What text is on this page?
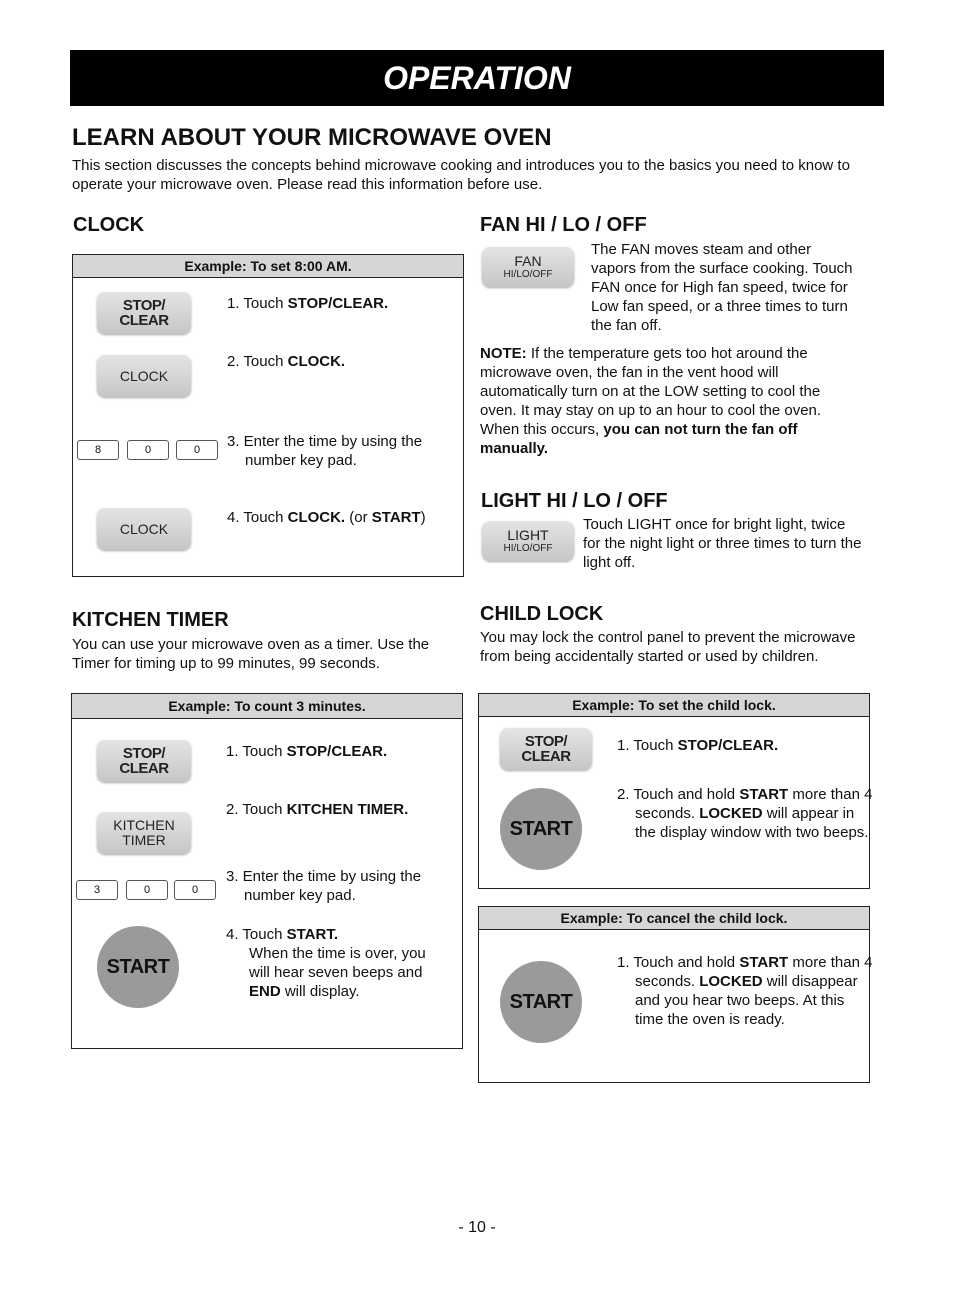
OPERATION
LEARN ABOUT YOUR MICROWAVE OVEN
This section discusses the concepts behind microwave cooking and introduces you to the basics you need to know to operate your microwave oven. Please read this information before use.
CLOCK
Example: To set 8:00 AM.
STOP/
CLEAR
1. Touch STOP/CLEAR.
CLOCK
2. Touch CLOCK.
8	0	0	3. Enter the time by using the
number key pad.
CLOCK
4. Touch CLOCK. (or START)
KITCHEN TIMER
You can use your microwave oven as a timer. Use the Timer for timing up to 99 minutes, 99 seconds.
Example: To count 3 minutes.
STOP/
CLEAR
1. Touch STOP/CLEAR.
KITCHEN
TIMER
2. Touch KITCHEN TIMER.
3	0	0
3. Enter the time by using the
number key pad.
START
4. Touch START.
When the time is over, you
will hear seven beeps and
END will display.
FAN HI / LO / OFF
FAN
HI/LO/OFF
The FAN moves steam and other vapors from the surface cooking. Touch FAN once for High fan speed, twice for Low fan speed, or a three times to turn the fan off.
NOTE: If the temperature gets too hot around the microwave oven, the fan in the vent hood will automatically turn on at the LOW setting to cool the oven. It may stay on up to an hour to cool the oven. When this occurs, you can not turn the fan off manually.
LIGHT HI / LO / OFF
LIGHT
HI/LO/OFF
Touch LIGHT once for bright light, twice for the night light or three times to turn the light off.
CHILD LOCK
You may lock the control panel to prevent the microwave from being accidentally started or used by children.
Example: To set the child lock.
STOP/
CLEAR
1. Touch STOP/CLEAR.
START
2. Touch and hold START more than 4 seconds. LOCKED will appear in the display window with two beeps.
Example: To cancel the child lock.
START
1. Touch and hold START more than 4 seconds. LOCKED will disappear and you hear two beeps. At this time the oven is ready.
- 10 -
